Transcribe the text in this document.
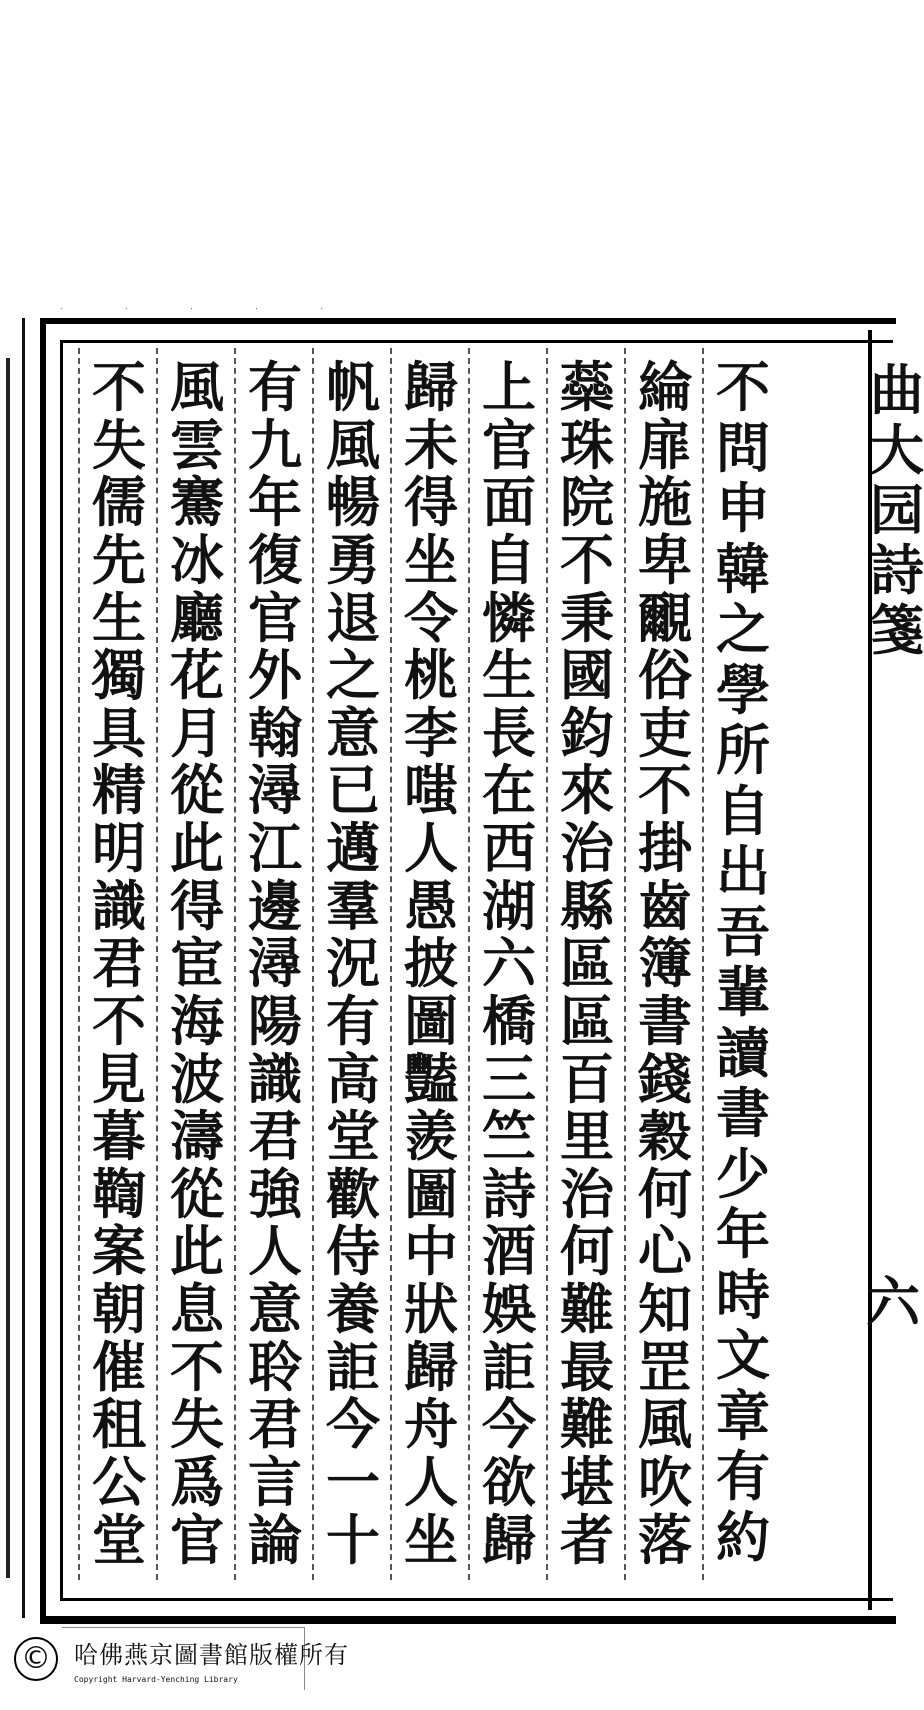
. . . . .
曲
大
园
詩
箋
六
不
問
申
韓
之
學
所
自
出
吾
輩
讀
書
少
年
時
文
章
有
約
綸
扉
施
卑
覼
俗
吏
不
掛
齒
簿
書
錢
穀
何
心
知
罡
風
吹
落
蘂
珠
院
不
秉
國
鈞
來
治
縣
區
區
百
里
治
何
難
最
難
堪
者
上
官
面
自
憐
生
長
在
西
湖
六
橋
三
竺
詩
酒
娛
詎
今
欲
歸
歸
未
得
坐
令
桃
李
嗤
人
愚
披
圖
豔
羨
圖
中
狀
歸
舟
人
坐
帆
風
暢
勇
退
之
意
已
邁
羣
況
有
高
堂
歡
侍
養
詎
今
一
十
有
九
年
復
官
外
翰
潯
江
邊
潯
陽
識
君
強
人
意
聆
君
言
論
風
雲
騫
冰
廳
花
月
從
此
得
宦
海
波
濤
從
此
息
不
失
爲
官
不
失
儒
先
生
獨
具
精
明
識
君
不
見
暮
鞫
案
朝
催
租
公
堂
© 哈佛燕京圖書館版權所有
Copyright Harvard-Yenching Library
